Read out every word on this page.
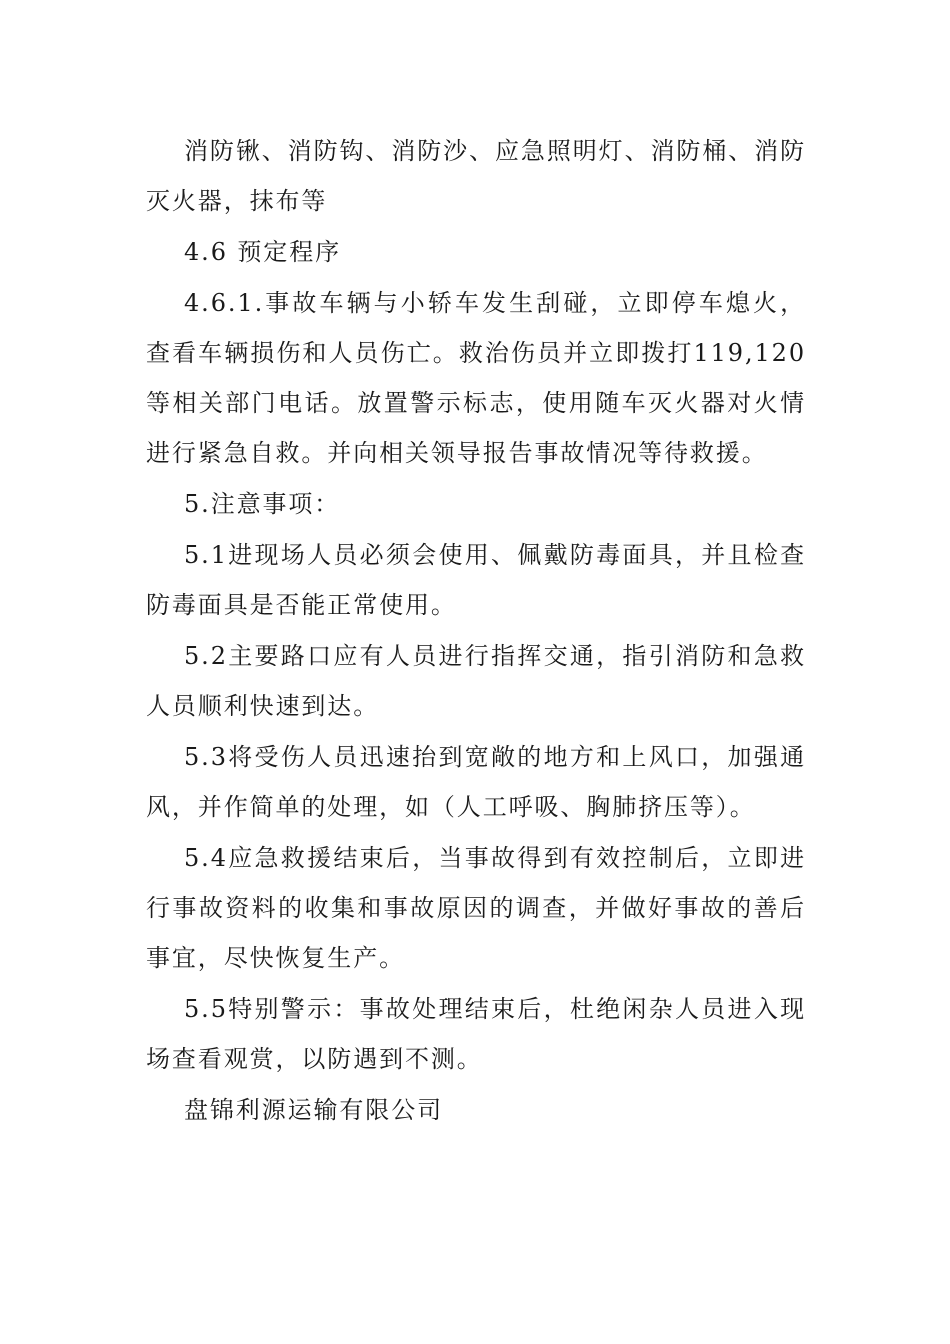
消防锹、消防钩、消防沙、应急照明灯、消防桶、消防灭火器，抹布等

4.6 预定程序

4.6.1.事故车辆与小轿车发生刮碰，立即停车熄火，查看车辆损伤和人员伤亡。救治伤员并立即拨打119,120等相关部门电话。放置警示标志，使用随车灭火器对火情进行紧急自救。并向相关领导报告事故情况等待救援。

5.注意事项：

5.1进现场人员必须会使用、佩戴防毒面具，并且检查防毒面具是否能正常使用。

5.2主要路口应有人员进行指挥交通，指引消防和急救人员顺利快速到达。

5.3将受伤人员迅速抬到宽敞的地方和上风口，加强通风，并作简单的处理，如（人工呼吸、胸肺挤压等）。

5.4应急救援结束后，当事故得到有效控制后，立即进行事故资料的收集和事故原因的调查，并做好事故的善后事宜，尽快恢复生产。

5.5特别警示：事故处理结束后，杜绝闲杂人员进入现场查看观赏，以防遇到不测。

盘锦利源运输有限公司
